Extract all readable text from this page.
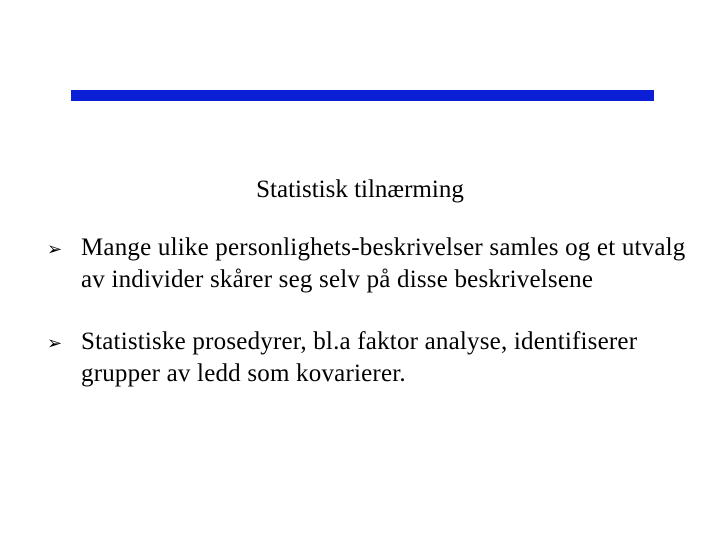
Statistisk tilnærming
➢ Mange ulike personlighets-beskrivelser samles og et utvalg av individer skårer seg selv på disse beskrivelsene
➢ Statistiske prosedyrer, bl.a faktor analyse, identifiserer grupper av ledd som kovarierer.
